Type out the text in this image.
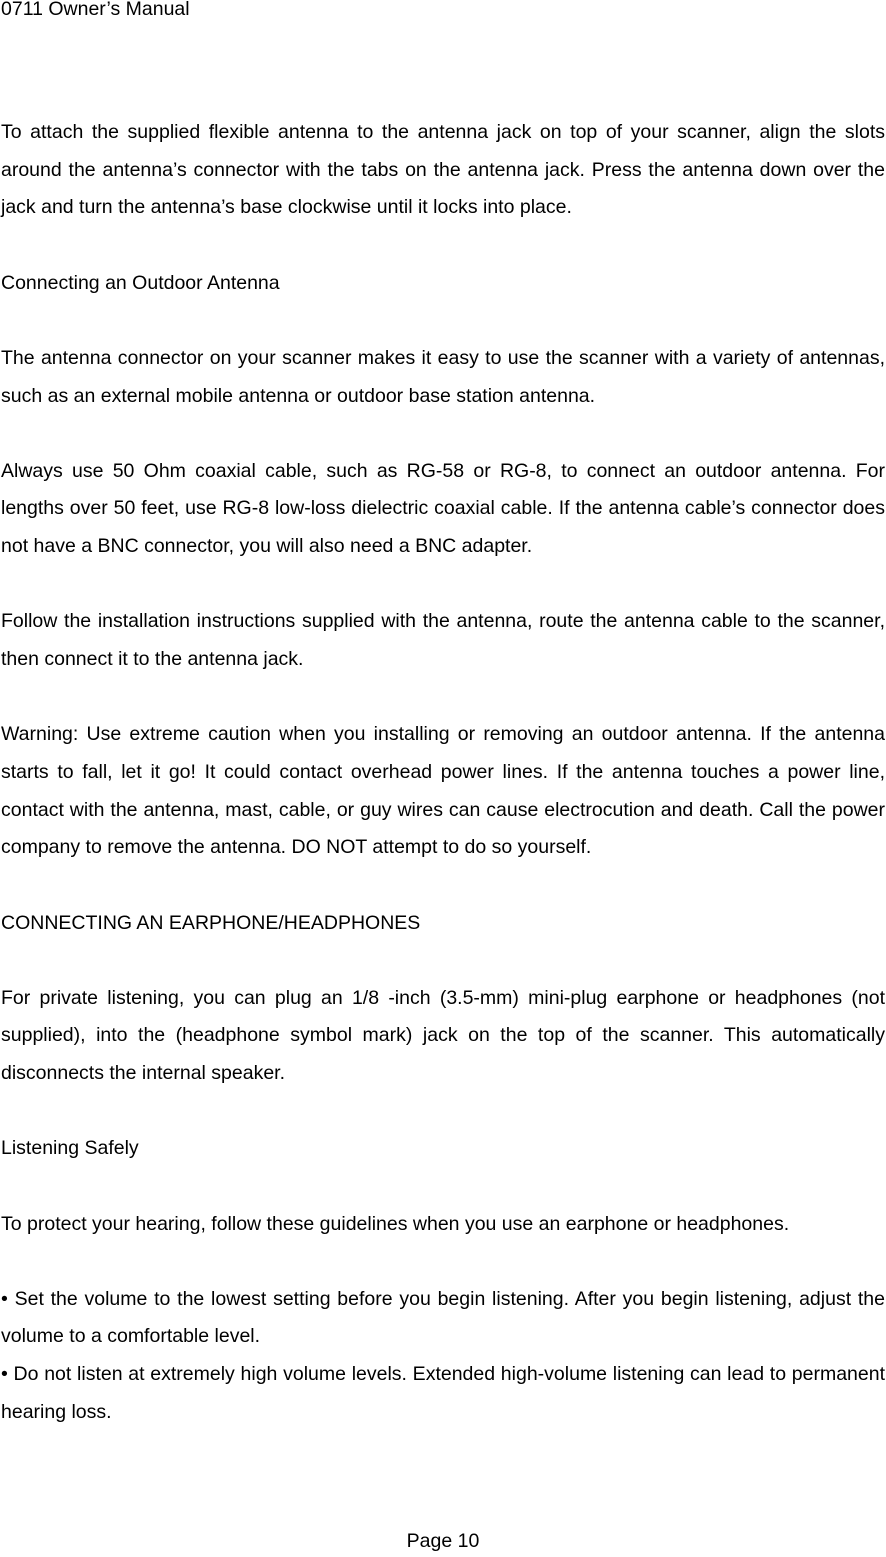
0711 Owner’s Manual

To attach the supplied flexible antenna to the antenna jack on top of your scanner, align the slots around the antenna’s connector with the tabs on the antenna jack. Press the antenna down over the jack and turn the antenna’s base clockwise until it locks into place.

Connecting an Outdoor Antenna

The antenna connector on your scanner makes it easy to use the scanner with a variety of antennas, such as an external mobile antenna or outdoor base station antenna.

Always use 50 Ohm coaxial cable, such as RG-58 or RG-8, to connect an outdoor antenna. For lengths over 50 feet, use RG-8 low-loss dielectric coaxial cable. If the antenna cable’s connector does not have a BNC connector, you will also need a BNC adapter.

Follow the installation instructions supplied with the antenna, route the antenna cable to the scanner, then connect it to the antenna jack.

Warning: Use extreme caution when you installing or removing an outdoor antenna. If the antenna starts to fall, let it go! It could contact overhead power lines. If the antenna touches a power line, contact with the antenna, mast, cable, or guy wires can cause electrocution and death. Call the power company to remove the antenna. DO NOT attempt to do so yourself.

CONNECTING AN EARPHONE/HEADPHONES

For private listening, you can plug an 1/8 -inch (3.5-mm) mini-plug earphone or headphones (not supplied), into the (headphone symbol mark) jack on the top of the scanner. This automatically disconnects the internal speaker.

Listening Safely

To protect your hearing, follow these guidelines when you use an earphone or headphones.

• Set the volume to the lowest setting before you begin listening. After you begin listening, adjust the volume to a comfortable level.

• Do not listen at extremely high volume levels. Extended high-volume listening can lead to permanent hearing loss.

Page 10
